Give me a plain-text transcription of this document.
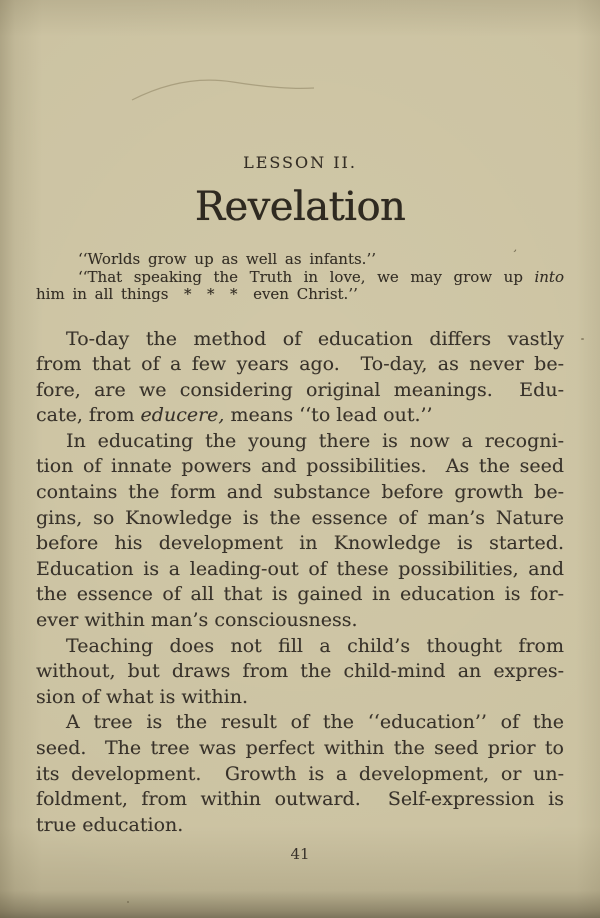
LESSON II.
Revelation
‘‘Worlds grow up as well as infants.’’
‘‘That speaking the Truth in love, we may grow up into
him in all things  *  *  *  even Christ.’’
To-day the method of education differs vastly
from that of a few years ago.  To-day, as never be-
fore, are we considering original meanings.  Edu-
cate, from educere, means ‘‘to lead out.’’
In educating the young there is now a recogni-
tion of innate powers and possibilities.  As the seed
contains the form and substance before growth be-
gins, so Knowledge is the essence of man’s Nature
before his development in Knowledge is started.
Education is a leading-out of these possibilities, and
the essence of all that is gained in education is for-
ever within man’s consciousness.
Teaching does not fill a child’s thought from
without, but draws from the child-mind an expres-
sion of what is within.
A tree is the result of the ‘‘education’’ of the
seed.  The tree was perfect within the seed prior to
its development.  Growth is a development, or un-
foldment, from within outward.  Self-expression is
true education.
41
’
